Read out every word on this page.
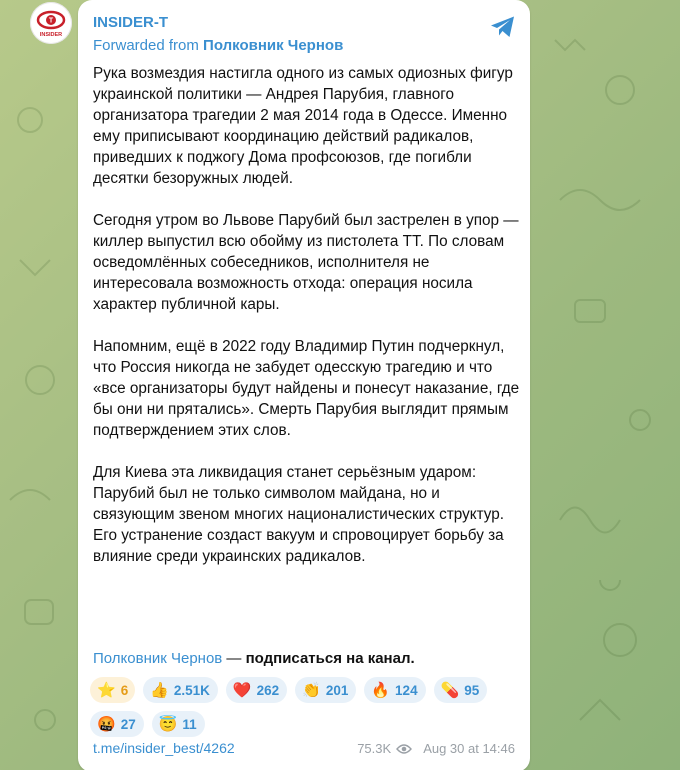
T
INSIDER
INSIDER-T
Forwarded from Полковник Чернов

Рука возмездия настигла одного из самых одиозных фигур украинской политики — Андрея Парубия, главного организатора трагедии 2 мая 2014 года в Одессе. Именно ему приписывают координацию действий радикалов, приведших к поджогу Дома профсоюзов, где погибли десятки безоружных людей.

Сегодня утром во Львове Парубий был застрелен в упор — киллер выпустил всю обойму из пистолета ТТ. По словам осведомлённых собеседников, исполнителя не интересовала возможность отхода: операция носила характер публичной кары.

Напомним, ещё в 2022 году Владимир Путин подчеркнул, что Россия никогда не забудет одесскую трагедию и что «все организаторы будут найдены и понесут наказание, где бы они ни прятались». Смерть Парубия выглядит прямым подтверждением этих слов.

Для Киева эта ликвидация станет серьёзным ударом: Парубий был не только символом майдана, но и связующим звеном многих националистических структур. Его устранение создаст вакуум и спровоцирует борьбу за влияние среди украинских радикалов.

Полковник Чернов — подписаться на канал.
⭐ 6 👍 2.51K ❤️ 262 👏 201 🔥 124 💊 95
🤬 27 😇 11
t.me/insider_best/4262	75.3K Aug 30 at 14:46
